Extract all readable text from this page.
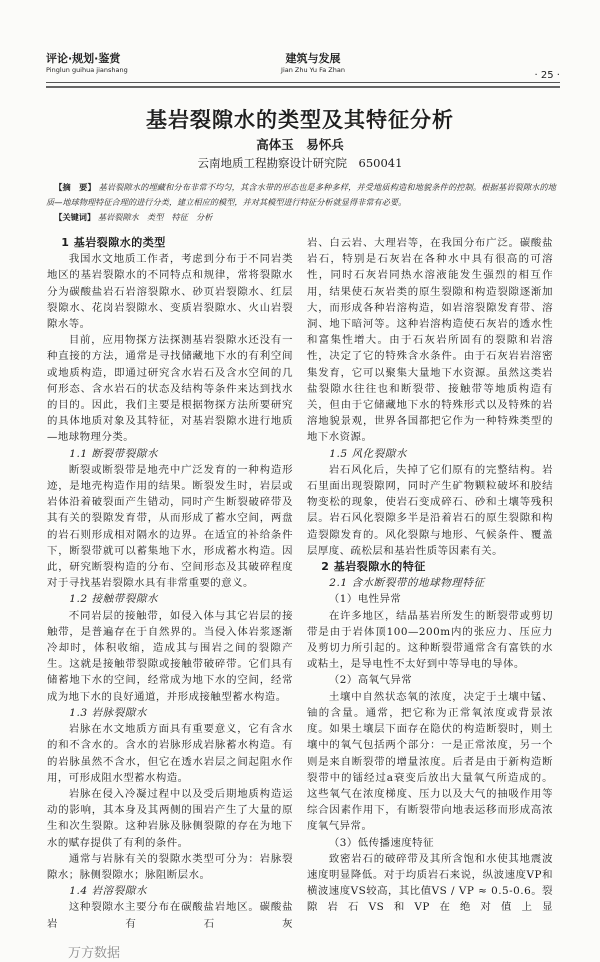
评论·规划·鉴赏
Pinglun guihua jianshang
建筑与发展
Jian Zhu Yu Fa Zhan	· 25 ·
基岩裂隙水的类型及其特征分析
高体玉　易怀兵
云南地质工程勘察设计研究院　650041
【摘　要】 基岩裂隙水的埋藏和分布非常不均匀，其含水带的形态也是多种多样，并受地质构造和地貌条件的控制。根据基岩裂隙水的地质—地球物理特征合理的进行分类，建立相应的模型，并对其模型进行特征分析就显得非常有必要。
【关键词】 基岩裂隙水　类型　特征　分析
1 基岩裂隙水的类型

我国水文地质工作者，考虑到分布于不同岩类地区的基岩裂隙水的不同特点和规律，常将裂隙水分为碳酸盐岩石岩溶裂隙水、砂页岩裂隙水、红层裂隙水、花岗岩裂隙水、变质岩裂隙水、火山岩裂隙水等。

目前，应用物探方法探测基岩裂隙水还没有一种直接的方法，通常是寻找储藏地下水的有利空间或地质构造，即通过研究含水岩石及含水空间的几何形态、含水岩石的状态及结构等条件来达到找水的目的。因此，我们主要是根据物探方法所要研究的具体地质对象及其特征，对基岩裂隙水进行地质—地球物理分类。

1.1 断裂带裂隙水

断裂或断裂带是地壳中广泛发育的一种构造形迹，是地壳构造作用的结果。断裂发生时，岩层或岩体沿着破裂面产生错动，同时产生断裂破碎带及其有关的裂隙发育带，从而形成了蓄水空间，两盘的岩石则形成相对隔水的边界。在适宜的补给条件下，断裂带就可以蓄集地下水，形成蓄水构造。因此，研究断裂构造的分布、空间形态及其破碎程度对于寻找基岩裂隙水具有非常重要的意义。

1.2 接触带裂隙水

不同岩层的接触带，如侵入体与其它岩层的接触带，是普遍存在于自然界的。当侵入体岩浆逐渐冷却时，体积收缩，造成其与围岩之间的裂隙产生。这就是接触带裂隙或接触带破碎带。它们具有储蓄地下水的空间，经常成为地下水的空间，经常成为地下水的良好通道，并形成接触型蓄水构造。

1.3 岩脉裂隙水

岩脉在水文地质方面具有重要意义，它有含水的和不含水的。含水的岩脉形成岩脉蓄水构造。有的岩脉虽然不含水，但它在透水岩层之间起阻水作用，可形成阻水型蓄水构造。

岩脉在侵入冷凝过程中以及受后期地质构造运动的影响，其本身及其两侧的围岩产生了大量的原生和次生裂隙。这种岩脉及脉侧裂隙的存在为地下水的赋存提供了有利的条件。

通常与岩脉有关的裂隙水类型可分为：岩脉裂隙水；脉侧裂隙水；脉阻断层水。

1.4 岩溶裂隙水

这种裂隙水主要分布在碳酸盐岩地区。碳酸盐岩有石灰

万方数据

岩、白云岩、大理岩等，在我国分布广泛。碳酸盐岩石，特别是石灰岩在各种水中具有很高的可溶性，同时石灰岩同热水溶液能发生强烈的相互作用，结果使石灰岩类的原生裂隙和构造裂隙逐渐加大，而形成各种岩溶构造，如岩溶裂隙发育带、溶洞、地下暗河等。这种岩溶构造使石灰岩的透水性和富集性增大。由于石灰岩所固有的裂隙和岩溶性，决定了它的特殊含水条件。由于石灰岩岩溶密集发育，它可以聚集大量地下水资源。虽然这类岩盐裂隙水往往也和断裂带、接触带等地质构造有关，但由于它储藏地下水的特殊形式以及特殊的岩溶地貌景观，世界各国都把它作为一种特殊类型的地下水资源。

1.5 风化裂隙水

岩石风化后，失掉了它们原有的完整结构。岩石里面出现裂隙网，同时产生矿物颗粒破坏和胶结物变松的现象，使岩石变成碎石、砂和土壤等残积层。岩石风化裂隙多半是沿着岩石的原生裂隙和构造裂隙发育的。风化裂隙与地形、气候条件、覆盖层厚度、疏松层和基岩性质等因素有关。

2 基岩裂隙水的特征
2.1 含水断裂带的地球物理特征
（1）电性异常

在许多地区，结晶基岩所发生的断裂带或剪切带是由于岩体顶100—200m内的张应力、压应力及剪切力所引起的。这种断裂带通常含有富铁的水或粘土，是导电性不太好到中等导电的导体。

（2）高氧气异常

土壤中自然状态氧的浓度，决定于土壤中锰、铀的含量。通常，把它称为正常氧浓度或背景浓度。如果土壤层下面存在隐伏的构造断裂时，则土壤中的氧气包括两个部分：一是正常浓度，另一个则是来自断裂带的增量浓度。后者是由于新构造断裂带中的镭经过a衰变后放出大量氧气所造成的。这些氧气在浓度梯度、压力以及大气的抽吸作用等综合因素作用下，有断裂带向地表运移而形成高浓度氧气异常。

（3）低传播速度特征

致密岩石的破碎带及其所含饱和水使其地震波速度明显降低。对于均质岩石来说，纵波速度VP和横波速度VS较高，其比值VS / VP ≈ 0.5-0.6。裂隙岩石VS和VP在绝对值上显
